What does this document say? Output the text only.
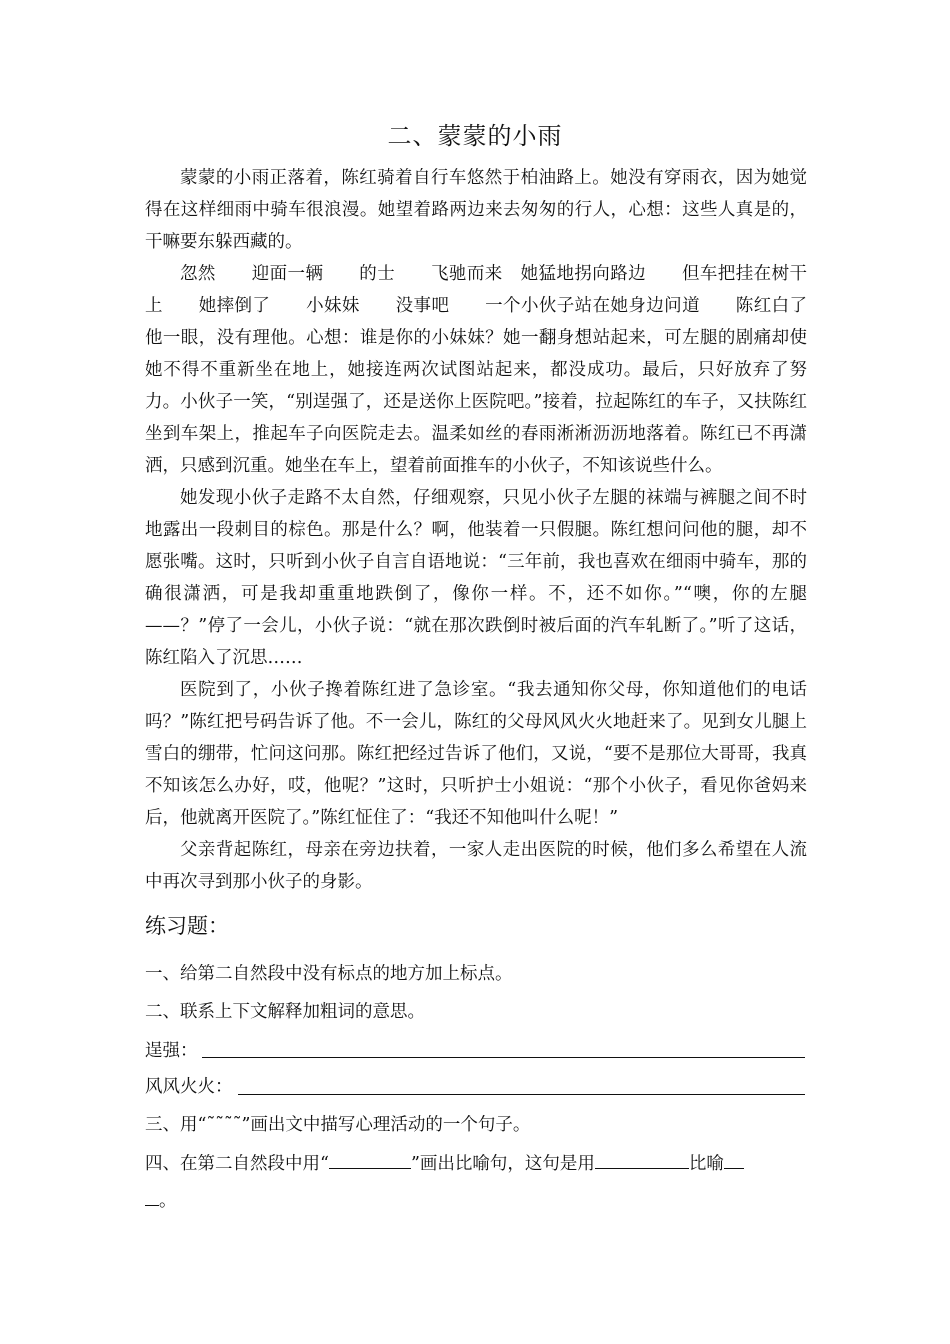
二、蒙蒙的小雨

蒙蒙的小雨正落着，陈红骑着自行车悠然于柏油路上。她没有穿雨衣，因为她觉得在这样细雨中骑车很浪漫。她望着路两边来去匆匆的行人，心想：这些人真是的，干嘛要东躲西藏的。

忽然　　迎面一辆　　的士　　飞驰而来　她猛地拐向路边　　但车把挂在树干上　　她摔倒了　　小妹妹　　没事吧　　一个小伙子站在她身边问道　　陈红白了他一眼，没有理他。心想：谁是你的小妹妹？她一翻身想站起来，可左腿的剧痛却使她不得不重新坐在地上，她接连两次试图站起来，都没成功。最后，只好放弃了努力。小伙子一笑，“别逞强了，还是送你上医院吧。”接着，拉起陈红的车子，又扶陈红坐到车架上，推起车子向医院走去。温柔如丝的春雨淅淅沥沥地落着。陈红已不再潇洒，只感到沉重。她坐在车上，望着前面推车的小伙子，不知该说些什么。

她发现小伙子走路不太自然，仔细观察，只见小伙子左腿的袜端与裤腿之间不时地露出一段刺目的棕色。那是什么？啊，他装着一只假腿。陈红想问问他的腿，却不愿张嘴。这时，只听到小伙子自言自语地说：“三年前，我也喜欢在细雨中骑车，那的确很潇洒，可是我却重重地跌倒了，像你一样。不，还不如你。”“噢，你的左腿——？”停了一会儿，小伙子说：“就在那次跌倒时被后面的汽车轧断了。”听了这话，陈红陷入了沉思……

医院到了，小伙子搀着陈红进了急诊室。“我去通知你父母，你知道他们的电话吗？”陈红把号码告诉了他。不一会儿，陈红的父母风风火火地赶来了。见到女儿腿上雪白的绷带，忙问这问那。陈红把经过告诉了他们，又说，“要不是那位大哥哥，我真不知该怎么办好，哎，他呢？”这时，只听护士小姐说：“那个小伙子，看见你爸妈来后，他就离开医院了。”陈红怔住了：“我还不知他叫什么呢！”

父亲背起陈红，母亲在旁边扶着，一家人走出医院的时候，他们多么希望在人流中再次寻到那小伙子的身影。

练习题：
一、给第二自然段中没有标点的地方加上标点。
二、联系上下文解释加粗词的意思。
逞强：
风风火火：
三、用“˜˜˜˜”画出文中描写心理活动的一个句子。
四、在第二自然段中用“	”画出比喻句，这句是用	比喻
。
